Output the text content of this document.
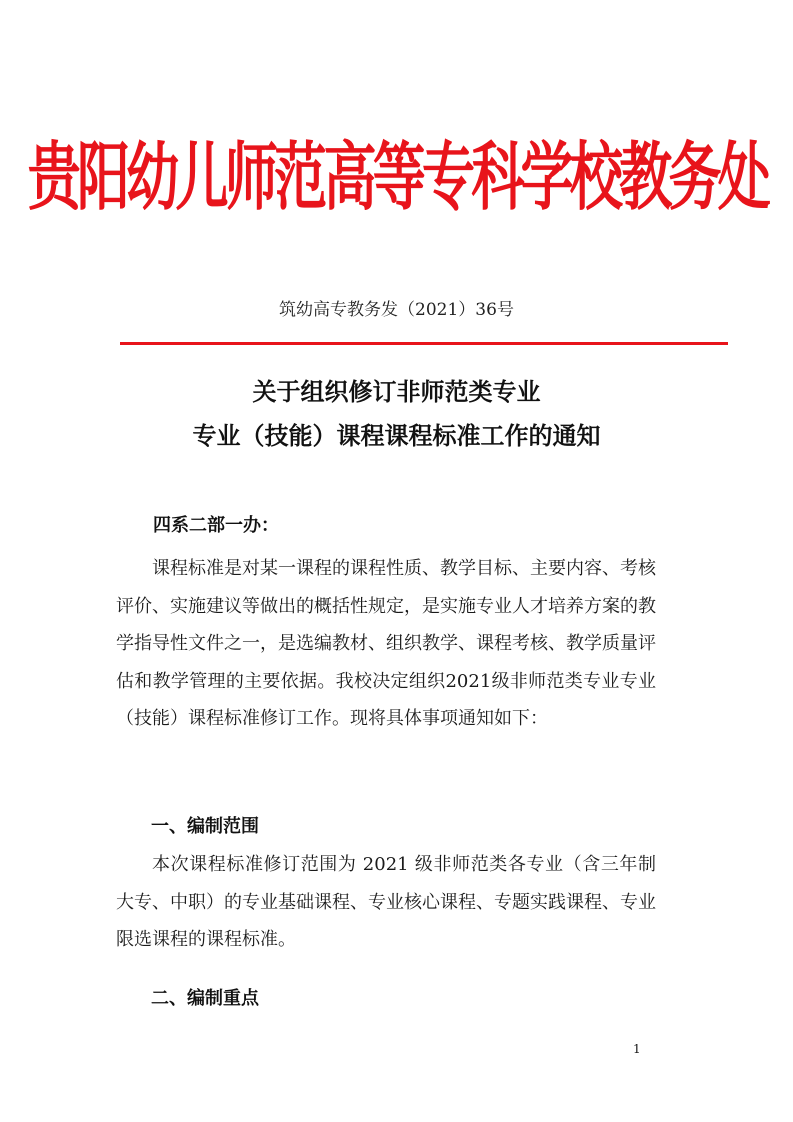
贵阳幼儿师范高等专科学校教务处
筑幼高专教务发（2021）36号
关于组织修订非师范类专业
专业（技能）课程课程标准工作的通知
四系二部一办：
课程标准是对某一课程的课程性质、教学目标、主要内容、考核评价、实施建议等做出的概括性规定，是实施专业人才培养方案的教学指导性文件之一，是选编教材、组织教学、课程考核、教学质量评估和教学管理的主要依据。我校决定组织2021级非师范类专业专业（技能）课程标准修订工作。现将具体事项通知如下：
一、编制范围
本次课程标准修订范围为 2021 级非师范类各专业（含三年制大专、中职）的专业基础课程、专业核心课程、专题实践课程、专业限选课程的课程标准。
二、编制重点
1
